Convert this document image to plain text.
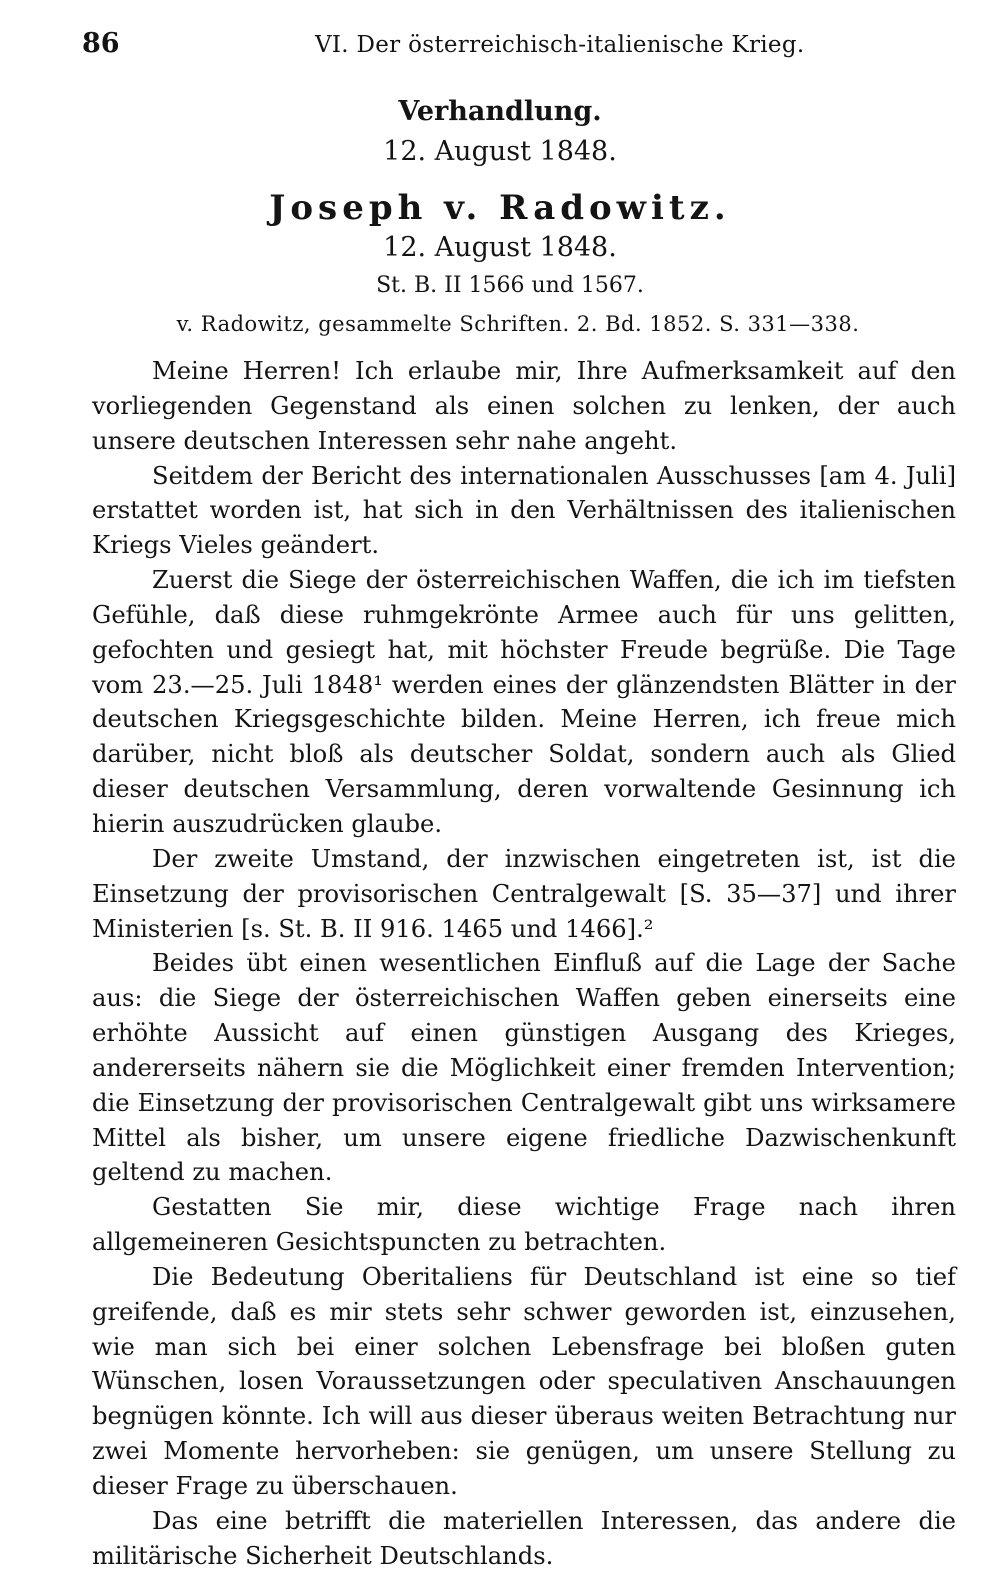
86	VI. Der österreichisch-italienische Krieg.
Verhandlung.
12. August 1848.
Joseph v. Radowitz.
12. August 1848.
St. B. II 1566 und 1567.
v. Radowitz, gesammelte Schriften. 2. Bd. 1852. S. 331—338.

Meine Herren! Ich erlaube mir, Ihre Aufmerksamkeit auf den vorliegenden Gegenstand als einen solchen zu lenken, der auch unsere deutschen Interessen sehr nahe angeht.

Seitdem der Bericht des internationalen Ausschusses [am 4. Juli] erstattet worden ist, hat sich in den Verhältnissen des italienischen Kriegs Vieles geändert.

Zuerst die Siege der österreichischen Waffen, die ich im tiefsten Gefühle, daß diese ruhmgekrönte Armee auch für uns gelitten, gefochten und gesiegt hat, mit höchster Freude begrüße. Die Tage vom 23.—25. Juli 1848¹ werden eines der glänzendsten Blätter in der deutschen Kriegsgeschichte bilden. Meine Herren, ich freue mich darüber, nicht bloß als deutscher Soldat, sondern auch als Glied dieser deutschen Versammlung, deren vorwaltende Gesinnung ich hierin auszudrücken glaube.

Der zweite Umstand, der inzwischen eingetreten ist, ist die Einsetzung der provisorischen Centralgewalt [S. 35—37] und ihrer Ministerien [s. St. B. II 916. 1465 und 1466].²

Beides übt einen wesentlichen Einfluß auf die Lage der Sache aus: die Siege der österreichischen Waffen geben einerseits eine erhöhte Aussicht auf einen günstigen Ausgang des Krieges, andererseits nähern sie die Möglichkeit einer fremden Intervention; die Einsetzung der provisorischen Centralgewalt gibt uns wirksamere Mittel als bisher, um unsere eigene friedliche Dazwischenkunft geltend zu machen.

Gestatten Sie mir, diese wichtige Frage nach ihren allgemeineren Gesichtspuncten zu betrachten.

Die Bedeutung Oberitaliens für Deutschland ist eine so tief greifende, daß es mir stets sehr schwer geworden ist, einzusehen, wie man sich bei einer solchen Lebensfrage bei bloßen guten Wünschen, losen Voraussetzungen oder speculativen Anschauungen begnügen könnte. Ich will aus dieser überaus weiten Betrachtung nur zwei Momente hervorheben: sie genügen, um unsere Stellung zu dieser Frage zu überschauen.

Das eine betrifft die materiellen Interessen, das andere die militärische Sicherheit Deutschlands.
